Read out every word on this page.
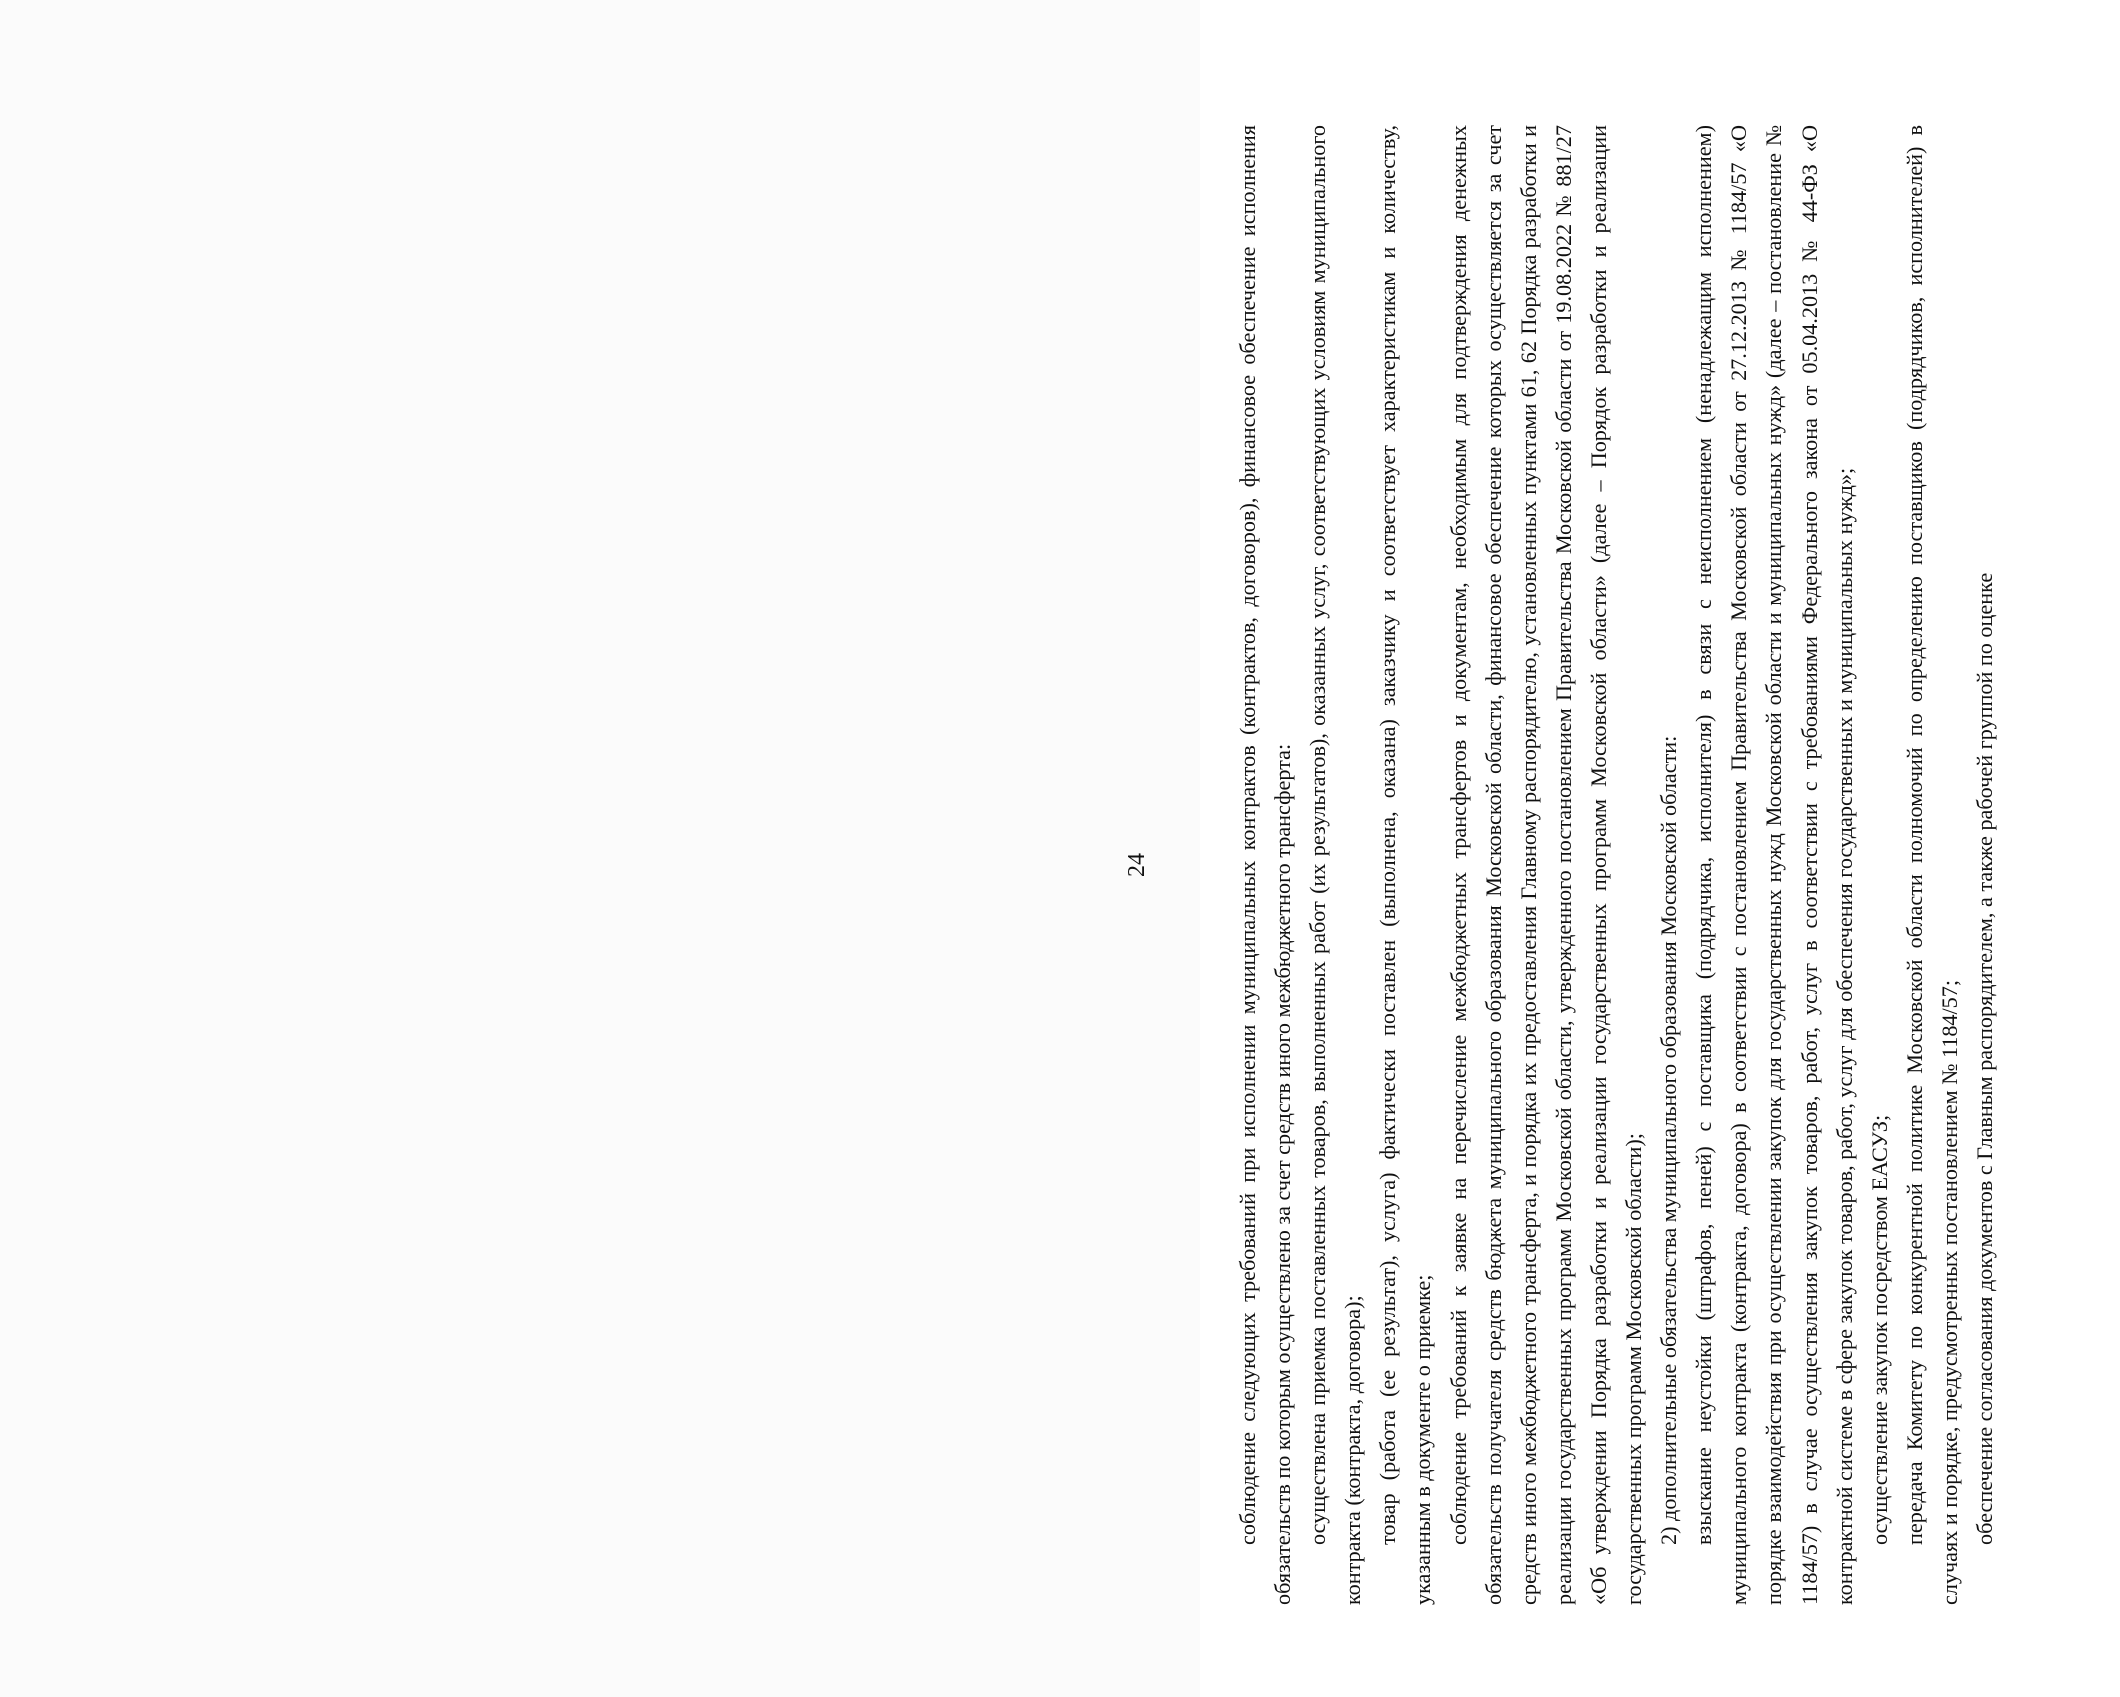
24	соблюдение следующих требований при исполнении муниципальных контрактов (контрактов, договоров), финансовое обеспечение исполнения обязательств по которым осуществлено за счет средств иного межбюджетного трансферта: осуществлена приемка поставленных товаров, выполненных работ (их результатов), оказанных услуг, соответствующих условиям муниципального контракта (контракта, договора); товар (работа (ее результат), услуга) фактически поставлен (выполнена, оказана) заказчику и соответствует характеристикам и количеству, указанным в документе о приемке; соблюдение требований к заявке на перечисление межбюджетных трансфертов и документам, необходимым для подтверждения денежных обязательств получателя средств бюджета муниципального образования Московской области, финансовое обеспечение которых осуществляется за счет средств иного межбюджетного трансферта, и порядка их предоставления Главному распорядителю, установленных пунктами 61, 62 Порядка разработки и реализации государственных программ Московской области, утвержденного постановлением Правительства Московской области от 19.08.2022 № 881/27 «Об утверждении Порядка разработки и реализации государственных программ Московской области» (далее – Порядок разработки и реализации государственных программ Московской области); 2) дополнительные обязательства муниципального образования Московской области: взыскание неустойки (штрафов, пеней) с поставщика (подрядчика, исполнителя) в связи с неисполнением (ненадлежащим исполнением) муниципального контракта (контракта, договора) в соответствии с постановлением Правительства Московской области от 27.12.2013 № 1184/57 «О порядке взаимодействия при осуществлении закупок для государственных нужд Московской области и муниципальных нужд» (далее – постановление № 1184/57) в случае осуществления закупок товаров, работ, услуг в соответствии с требованиями Федерального закона от 05.04.2013 № 44-ФЗ «О контрактной системе в сфере закупок товаров, работ, услуг для обеспечения государственных и муниципальных нужд»; осуществление закупок посредством ЕАСУЗ; передача Комитету по конкурентной политике Московской области полномочий по определению поставщиков (подрядчиков, исполнителей) в случаях и порядке, предусмотренных постановлением № 1184/57; обеспечение согласования документов с Главным распорядителем, а также рабочей группой по оценке
